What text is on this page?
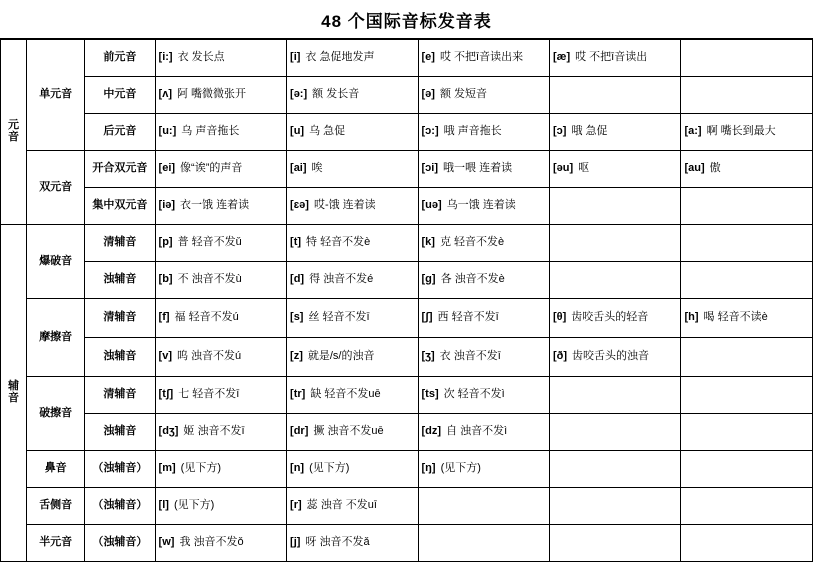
48 个国际音标发音表
元音	单元音	前元音	[i:] 衣 发长点	[i] 衣 急促地发声	[e] 哎 不把ī音读出来	[æ] 哎 不把ī音读出	
		中元音	[ʌ] 阿 嘴微微张开	[ə:] 额 发长音	[ə] 额 发短音		
		后元音	[u:] 乌 声音拖长	[u] 乌 急促	[ɔ:] 哦 声音拖长	[ɔ] 哦 急促	[a:] 啊 嘴长到最大
	双元音	开合双元音	[ei] 像“诶”的声音	[ai] 唉	[ɔi] 哦一喂 连着读	[əu] 呕	[au] 傲
		集中双元音	[iə] 衣一饿 连着读	[ɛə] 哎-饿 连着读	[uə] 乌一饿 连着读		
辅音	爆破音	清辅音	[p] 普 轻音不发ǔ	[t] 特 轻音不发è	[k] 克 轻音不发è		
		浊辅音	[b] 不 浊音不发ù	[d] 得 浊音不发é	[g] 各 浊音不发è		
	摩擦音	清辅音	[f] 福 轻音不发ú	[s] 丝 轻音不发ī	[ʃ] 西 轻音不发ī	[θ] 齿咬舌头的轻音	[h] 喝 轻音不读è
		浊辅音	[v] 呜 浊音不发ú	[z] 就是/s/的浊音	[ʒ] 衣 浊音不发ī	[ð] 齿咬舌头的浊音	
	破擦音	清辅音	[tʃ] 七 轻音不发ī	[tr] 缺 轻音不发uē	[ts] 次 轻音不发ì		
		浊辅音	[dʒ] 姬 浊音不发ī	[dr] 撅 浊音不发uē	[dz] 自 浊音不发ì		
	鼻音	（浊辅音）	[m] (见下方)	[n] (见下方)	[ŋ] (见下方)		
	舌侧音	（浊辅音）	[l] (见下方)	[r] 蕊 浊音 不发uī			
	半元音	（浊辅音）	[w] 我 浊音不发ǒ	[j] 呀 浊音不发ǎ			
